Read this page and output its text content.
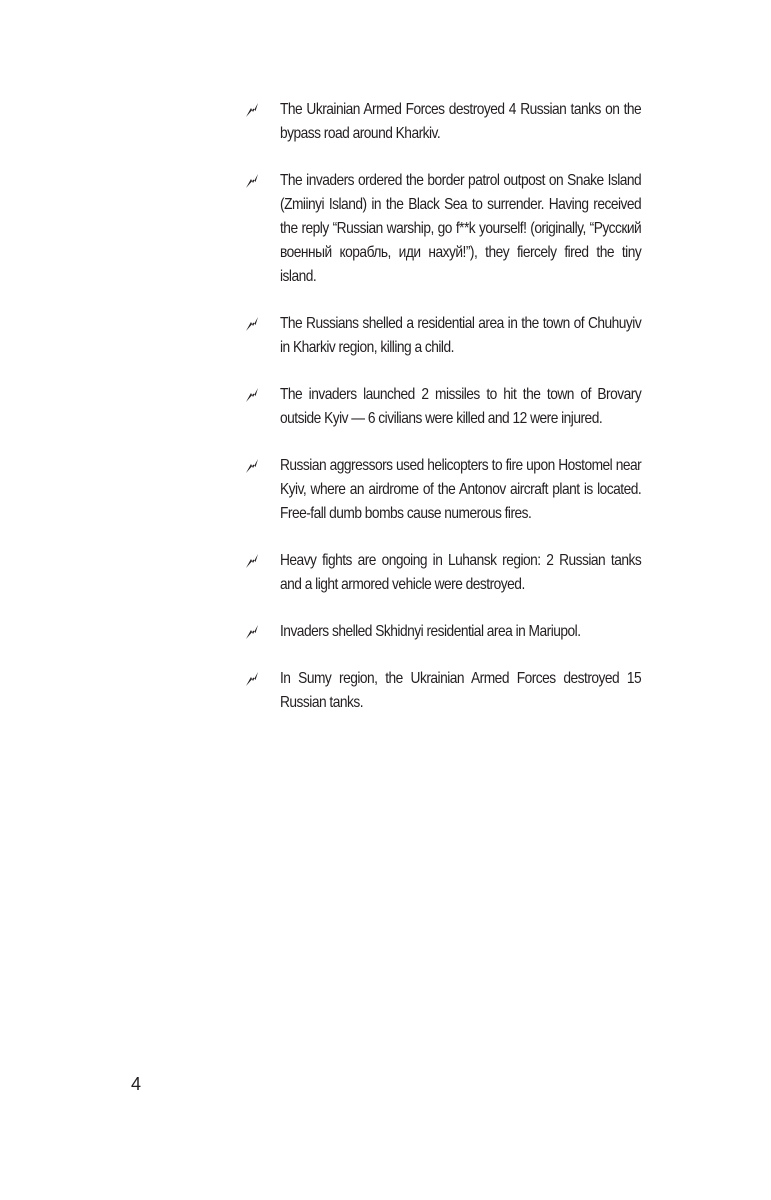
The Ukrainian Armed Forces destroyed 4 Russian tanks on the bypass road around Kharkiv.
The invaders ordered the border patrol outpost on Snake Island (Zmiinyi Island) in the Black Sea to surrender. Having received the reply “Russian warship, go f**k yourself! (originally, “Русский военный корабль, иди нахуй!”), they fiercely fired the tiny island.
The Russians shelled a residential area in the town of Chuhuyiv in Kharkiv region, killing a child.
The invaders launched 2 missiles to hit the town of Brovary outside Kyiv — 6 civilians were killed and 12 were injured.
Russian aggressors used helicopters to fire upon Hostomel near Kyiv, where an airdrome of the Antonov aircraft plant is located. Free-fall dumb bombs cause numerous fires.
Heavy fights are ongoing in Luhansk region: 2 Russian tanks and a light armored vehicle were destroyed.
Invaders shelled Skhidnyi residential area in Mariupol.
In Sumy region, the Ukrainian Armed Forces destroyed 15 Russian tanks.
4
